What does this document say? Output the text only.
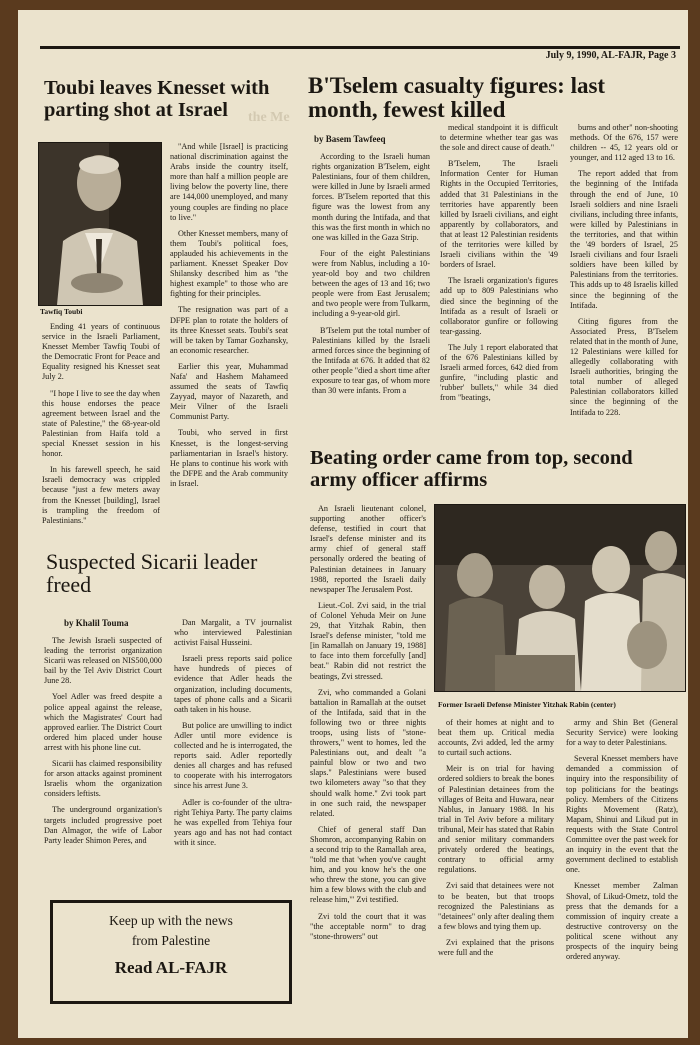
July 9, 1990, AL-FAJR, Page 3
Toubi leaves Knesset with parting shot at Israel
Tawfiq Toubi

Ending 41 years of continuous service in the Israeli Parliament, Knesset Member Tawfiq Toubi of the Democratic Front for Peace and Equality resigned his Knesset seat July 2.

"I hope I live to see the day when this house endorses the peace agreement between Israel and the state of Palestine," the 68-year-old Palestinian from Haifa told a special Knesset session in his honor.

In his farewell speech, he said Israeli democracy was crippled because "just a few meters away from the Knesset [building], Israel is trampling the freedom of Palestinians."

"And while [Israel] is practicing national discrimination against the Arabs inside the country itself, more than half a million people are living below the poverty line, there are 144,000 unemployed, and many young couples are finding no place to live."

Other Knesset members, many of them Toubi's political foes, applauded his achievements in the parliament. Knesset Speaker Dov Shilansky described him as "the highest example" to those who are fighting for their principles.

The resignation was part of a DFPE plan to rotate the holders of its three Knesset seats. Toubi's seat will be taken by Tamar Gozhansky, an economic researcher.

Earlier this year, Muhammad Nafa' and Hashem Mahameed assumed the seats of Tawfiq Zayyad, mayor of Nazareth, and Meir Vilner of the Israeli Communist Party.

Toubi, who served in first Knesset, is the longest-serving parliamentarian in Israel's history. He plans to continue his work with the DFPE and the Arab community in Israel.

B'Tselem casualty figures: last month, fewest killed
the Me
by Basem Tawfeeq

According to the Israeli human rights organization B'Tselem, eight Palestinians, four of them children, were killed in June by Israeli armed forces. B'Tselem reported that this figure was the lowest from any month during the Intifada, and that this was the first month in which no one was killed in the Gaza Strip.

Four of the eight Palestinians were from Nablus, including a 10-year-old boy and two children between the ages of 13 and 16; two people were from East Jerusalem; and two people were from Tulkarm, including a 9-year-old girl.

B'Tselem put the total number of Palestinians killed by the Israeli armed forces since the beginning of the Intifada at 676. It added that 82 other people "died a short time after exposure to tear gas, of whom more than 30 were infants. From a

medical standpoint it is difficult to determine whether tear gas was the sole and direct cause of death."

B'Tselem, The Israeli Information Center for Human Rights in the Occupied Territories, added that 31 Palestinians in the territories have apparently been killed by Israeli civilians, and eight apparently by collaborators, and that at least 12 Palestinian residents of the territories were killed by Israeli civilians within the '49 borders of Israel.

The Israeli organization's figures add up to 809 Palestinians who died since the beginning of the Intifada as a result of Israeli or collaborator gunfire or following tear-gassing.

The July 1 report elaborated that of the 676 Palestinians killed by Israeli armed forces, 642 died from gunfire, "including plastic and 'rubber' bullets," while 34 died from "beatings,

burns and other" non-shooting methods. Of the 676, 157 were children -- 45, 12 years old or younger, and 112 aged 13 to 16.

The report added that from the beginning of the Intifada through the end of June, 10 Israeli soldiers and nine Israeli civilians, including three infants, were killed by Palestinians in the territories, and that within the '49 borders of Israel, 25 Israeli civilians and four Israeli soldiers have been killed by Palestinians from the territories. This adds up to 48 Israelis killed since the beginning of the Intifada.

Citing figures from the Associated Press, B'Tselem related that in the month of June, 12 Palestinians were killed for allegedly collaborating with Israeli authorities, bringing the total number of alleged Palestinian collaborators killed since the beginning of the Intifada to 228.

Suspected Sicarii leader freed
by Khalil Touma

The Jewish Israeli suspected of leading the terrorist organization Sicarii was released on NIS500,000 bail by the Tel Aviv District Court June 28.

Yoel Adler was freed despite a police appeal against the release, which the Magistrates' Court had approved earlier. The District Court ordered him placed under house arrest with his phone line cut.

Sicarii has claimed responsibility for arson attacks against prominent Israelis whom the organization considers leftists.

The underground organization's targets included progressive poet Dan Almagor, the wife of Labor Party leader Shimon Peres, and

Dan Margalit, a TV journalist who interviewed Palestinian activist Faisal Husseini.

Israeli press reports said police have hundreds of pieces of evidence that Adler heads the organization, including documents, tapes of phone calls and a Sicarii oath taken in his house.

But police are unwilling to indict Adler until more evidence is collected and he is interrogated, the reports said. Adler reportedly denies all charges and has refused to cooperate with his interrogators since his arrest June 3.

Adler is co-founder of the ultra-right Tehiya Party. The party claims he was expelled from Tehiya four years ago and has not had contact with it since.

Keep up with the news
from Palestine
Read AL-FAJR
Beating order came from top, second army officer affirms

An Israeli lieutenant colonel, supporting another officer's defense, testified in court that Israel's defense minister and its army chief of general staff personally ordered the beating of Palestinian detainees in January 1988, reported the Israeli daily newspaper The Jerusalem Post.

Lieut.-Col. Zvi said, in the trial of Colonel Yehuda Meir on June 29, that Yitzhak Rabin, then Israel's defense minister, "told me [in Ramallah on January 19, 1988] to face into them forcefully [and] beat." Rabin did not restrict the beatings, Zvi stressed.

Zvi, who commanded a Golani battalion in Ramallah at the outset of the Intifada, said that in the following two or three nights troops, using lists of "stone-throwers," went to homes, led the Palestinians out, and dealt "a painful blow or two and two slaps." Palestinians were bused two kilometers away "so that they should walk home." Zvi took part in one such raid, the newspaper related.

Chief of general staff Dan Shomron, accompanying Rabin on a second trip to the Ramallah area, "told me that 'when you've caught him, and you know he's the one who threw the stone, you can give him a few blows with the club and release him,'" Zvi testified.

Zvi told the court that it was "the acceptable norm" to drag "stone-throwers" out

Former Israeli Defense Minister Yitzhak Rabin (center)

of their homes at night and to beat them up. Critical media accounts, Zvi added, led the army to curtail such actions.

Meir is on trial for having ordered soldiers to break the bones of Palestinian detainees from the villages of Beita and Huwara, near Nablus, in January 1988. In his trial in Tel Aviv before a military tribunal, Meir has stated that Rabin and senior military commanders privately ordered the beatings, contrary to official army regulations.

Zvi said that detainees were not to be beaten, but that troops recognized the Palestinians as "detainees" only after dealing them a few blows and tying them up.

Zvi explained that the prisons were full and the

army and Shin Bet (General Security Service) were looking for a way to deter Palestinians.

Several Knesset members have demanded a commission of inquiry into the responsibility of top politicians for the beatings policy. Members of the Citizens Rights Movement (Ratz), Mapam, Shinui and Likud put in requests with the State Control Committee over the past week for an inquiry in the event that the government declined to establish one.

Knesset member Zalman Shoval, of Likud-Ometz, told the press that the demands for a commission of inquiry create a destructive controversy on the political scene without any prospects of the inquiry being ordered anyway.
